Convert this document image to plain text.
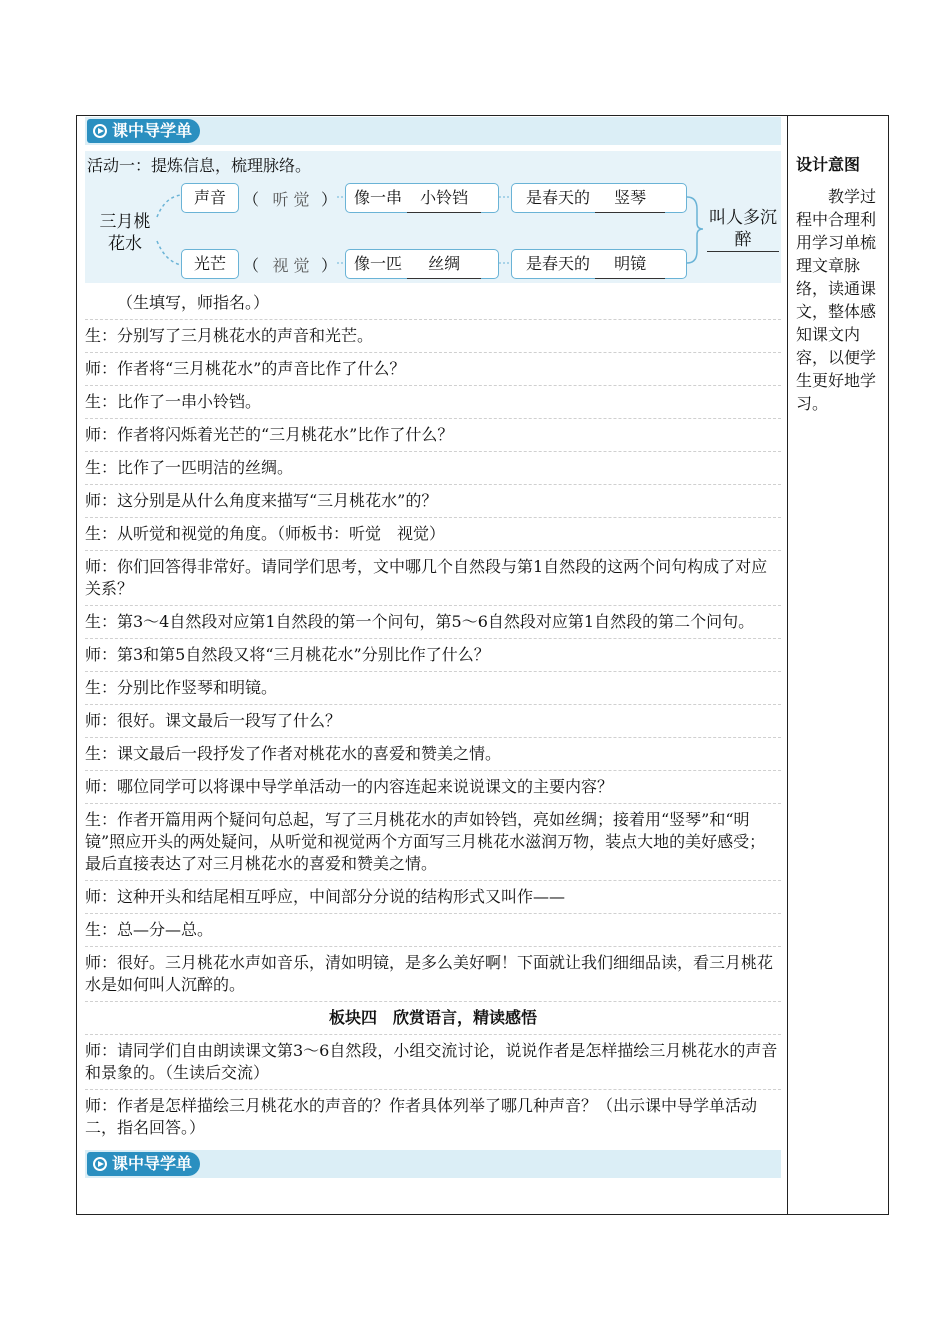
课中导学单
活动一：提炼信息，梳理脉络。
三月桃花水
声音	（ 听 觉 ）	像一串 小铃铛	是春天的 竖琴
叫人多沉醉
光芒	（ 视 觉 ）	像一匹 丝绸	是春天的 明镜

（生填写，师指名。）

生：分别写了三月桃花水的声音和光芒。

师：作者将“三月桃花水”的声音比作了什么？

生：比作了一串小铃铛。

师：作者将闪烁着光芒的“三月桃花水”比作了什么？

生：比作了一匹明洁的丝绸。

师：这分别是从什么角度来描写“三月桃花水”的？

生：从听觉和视觉的角度。（师板书：听觉　视觉）

师：你们回答得非常好。请同学们思考，文中哪几个自然段与第1自然段的这两个问句构成了对应关系？

生：第3～4自然段对应第1自然段的第一个问句，第5～6自然段对应第1自然段的第二个问句。

师：第3和第5自然段又将“三月桃花水”分别比作了什么？

生：分别比作竖琴和明镜。

师：很好。课文最后一段写了什么？

生：课文最后一段抒发了作者对桃花水的喜爱和赞美之情。

师：哪位同学可以将课中导学单活动一的内容连起来说说课文的主要内容？

生：作者开篇用两个疑问句总起，写了三月桃花水的声如铃铛，亮如丝绸；接着用“竖琴”和“明镜”照应开头的两处疑问，从听觉和视觉两个方面写三月桃花水滋润万物，装点大地的美好感受；最后直接表达了对三月桃花水的喜爱和赞美之情。

师：这种开头和结尾相互呼应，中间部分分说的结构形式又叫作——

生：总—分—总。

师：很好。三月桃花水声如音乐，清如明镜，是多么美好啊！下面就让我们细细品读，看三月桃花水是如何叫人沉醉的。

板块四　欣赏语言，精读感悟

师：请同学们自由朗读课文第3～6自然段，小组交流讨论，说说作者是怎样描绘三月桃花水的声音和景象的。（生读后交流）

师：作者是怎样描绘三月桃花水的声音的？作者具体列举了哪几种声音？（出示课中导学单活动二，指名回答。）

课中导学单
设计意图
教学过程中合理利用学习单梳理文章脉络，读通课文，整体感知课文内容，以便学生更好地学习。
